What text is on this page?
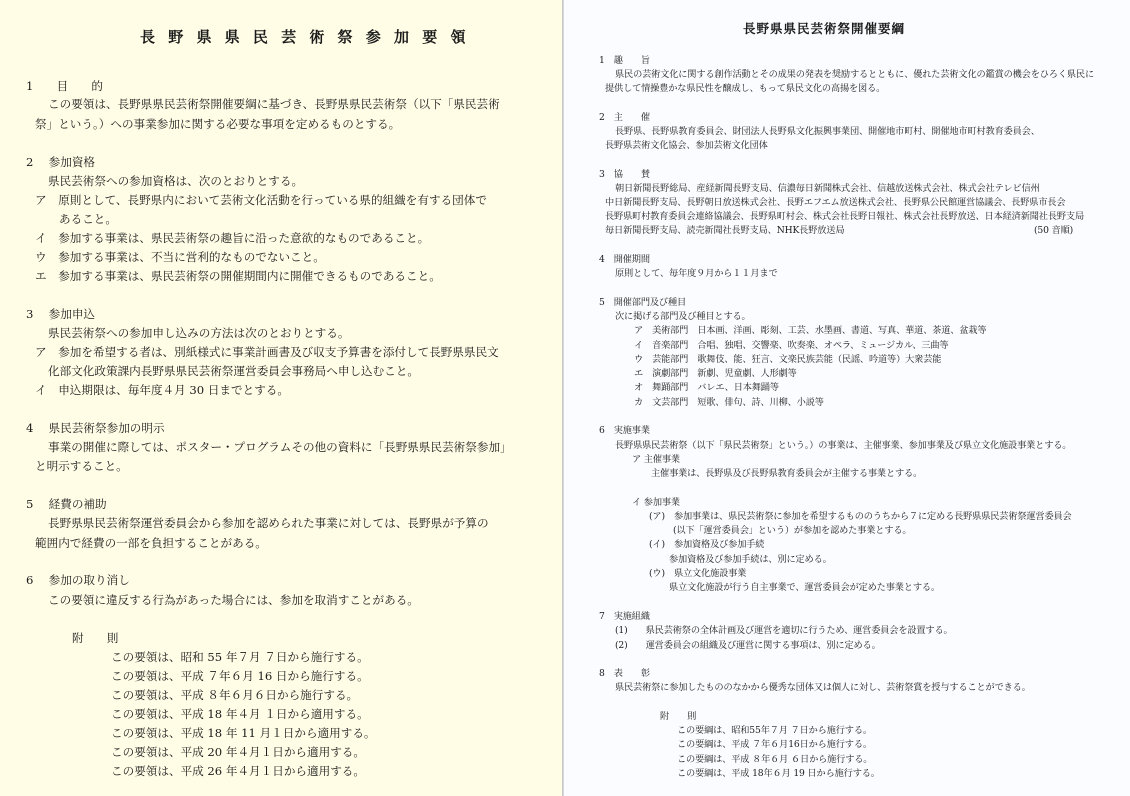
長 野 県 県 民 芸 術 祭 参 加 要 領
1　　目　　的
この要領は、長野県県民芸術祭開催要綱に基づき、長野県県民芸術祭（以下「県民芸術
祭」という。）への事業参加に関する必要な事項を定めるものとする。
2　 参加資格
県民芸術祭への参加資格は、次のとおりとする。
ア　原則として、長野県内において芸術文化活動を行っている県的組織を有する団体で
あること。
イ　参加する事業は、県民芸術祭の趣旨に沿った意欲的なものであること。
ウ　参加する事業は、不当に営利的なものでないこと。
エ　参加する事業は、県民芸術祭の開催期間内に開催できるものであること。
3　 参加申込
県民芸術祭への参加申し込みの方法は次のとおりとする。
ア　参加を希望する者は、別紙様式に事業計画書及び収支予算書を添付して長野県県民文
化部文化政策課内長野県県民芸術祭運営委員会事務局へ申し込むこと。
イ　申込期限は、毎年度４月 30 日までとする。
4　 県民芸術祭参加の明示
事業の開催に際しては、ポスター・プログラムその他の資料に「長野県県民芸術祭参加」
と明示すること。
5　 経費の補助
長野県県民芸術祭運営委員会から参加を認められた事業に対しては、長野県が予算の
範囲内で経費の一部を負担することがある。
6　 参加の取り消し
この要領に違反する行為があった場合には、参加を取消すことがある。
附　　則
この要領は、昭和 55 年７月 ７日から施行する。
この要領は、平成 ７年６月 16 日から施行する。
この要領は、平成 ８年６月６日から施行する。
この要領は、平成 18 年４月 １日から適用する。
この要領は、平成 18 年 11 月１日から適用する。
この要領は、平成 20 年４月１日から適用する。
この要領は、平成 26 年４月１日から適用する。
長野県県民芸術祭開催要綱
1　趣　　旨
県民の芸術文化に関する創作活動とその成果の発表を奨励するとともに、優れた芸術文化の鑑賞の機会をひろく県民に
提供して情操豊かな県民性を醸成し、もって県民文化の高揚を図る。
2　主　　催
長野県、長野県教育委員会、財団法人長野県文化振興事業団、開催地市町村、開催地市町村教育委員会、
長野県芸術文化協会、参加芸術文化団体
3　協　　賛
朝日新聞長野総局、産経新聞長野支局、信濃毎日新聞株式会社、信越放送株式会社、株式会社テレビ信州
中日新聞長野支局、長野朝日放送株式会社、長野エフエム放送株式会社、長野県公民館運営協議会、長野県市長会
長野県町村教育委員会連絡協議会、長野県町村会、株式会社長野日報社、株式会社長野放送、日本経済新聞社長野支局
毎日新聞長野支局、読売新聞社長野支局、NHK長野放送局	(50 音順)
4　開催期間
原則として、毎年度９月から１１月まで
5　開催部門及び種目
次に掲げる部門及び種目とする。
ア　美術部門　日本画、洋画、彫刻、工芸、水墨画、書道、写真、華道、茶道、盆栽等
イ　音楽部門　合唱、独唱、交響楽、吹奏楽、オペラ、ミュージカル、三曲等
ウ　芸能部門　歌舞伎、能、狂言、文楽民族芸能（民謡、吟道等）大衆芸能
エ　演劇部門　新劇、児童劇、人形劇等
オ　舞踊部門　バレエ、日本舞踊等
カ　文芸部門　短歌、俳句、詩、川柳、小説等
6　実施事業
長野県県民芸術祭（以下「県民芸術祭」という。）の事業は、主催事業、参加事業及び県立文化施設事業とする。
ア 主催事業
主催事業は、長野県及び長野県教育委員会が主催する事業とする。
イ 参加事業
(ア)　参加事業は、県民芸術祭に参加を希望するもののうちから７に定める長野県県民芸術祭運営委員会
(以下「運営委員会」という）が参加を認めた事業とする。
(イ)　参加資格及び参加手続
参加資格及び参加手続は、別に定める。
(ウ)　県立文化施設事業
県立文化施設が行う自主事業で、運営委員会が定めた事業とする。
7　実施組織
(1)　　県民芸術祭の全体計画及び運営を適切に行うため、運営委員会を設置する。
(2)　　運営委員会の組織及び運営に関する事項は、別に定める。
8　表　　彰
県民芸術祭に参加したもののなかから優秀な団体又は個人に対し、芸術祭賞を授与することができる。
附　　則
この要綱は、昭和55年７月 ７日から施行する。
この要綱は、平成 ７年６月16日から施行する。
この要綱は、平成 ８年６月 ６日から施行する。
この要綱は、平成 18年６月 19 日から施行する。
